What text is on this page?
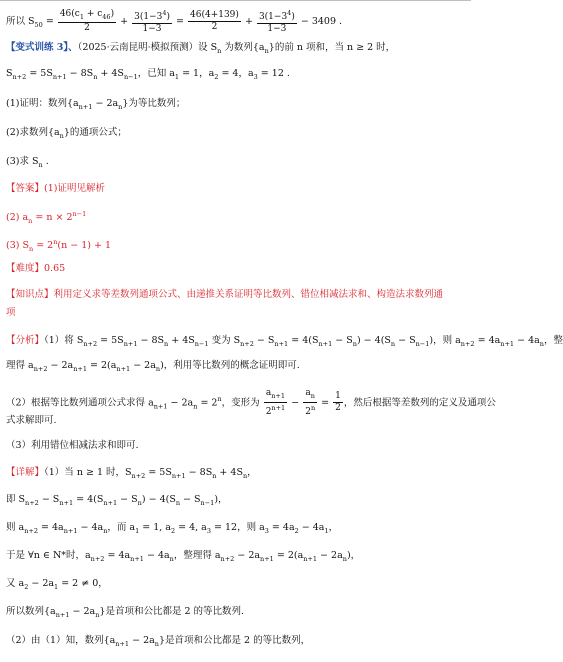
所以 $S_{50} = \frac{46(c_1 + c_{46})}{2} + \frac{3(1-3^4)}{1-3} = \frac{46(4+139)}{2} + \frac{3(1-3^4)}{1-3} - 3409$ .
【变式训练 3】、（2025·云南昆明·模拟预测）设 $S_n$ 为数列$\{a_n\}$的前 n 项和，当 n ≥ 2 时，
$S_{n+2} = 5S_{n+1} - 8S_n + 4S_{n-1}$，已知 $a_1 = 1$，$a_2 = 4$，$a_3 = 12$ .
(1)证明：数列$\{a_{n+1} - 2a_n\}$为等比数列；
(2)求数列$\{a_n\}$的通项公式；
(3)求 $S_n$ .
【答案】(1)证明见解析
(2) $a_n = n \times 2^{n-1}$
(3) $S_n = 2^n(n - 1) + 1$
【难度】0.65
【知识点】利用定义求等差数列通项公式、由递推关系证明等比数列、错位相减法求和、构造法求数列通
项
【分析】（1）将 $S_{n+2} = 5S_{n+1} - 8S_n + 4S_{n-1}$ 变为 $S_{n+2} - S_{n+1} = 4(S_{n+1} - S_n) - 4(S_n - S_{n-1})$，则 $a_{n+2} = 4a_{n+1} - 4a_n$，整
理得 $a_{n+2} - 2a_{n+1} = 2(a_{n+1} - 2a_n)$，利用等比数列的概念证明即可.
（2）根据等比数列通项公式求得 $a_{n+1} - 2a_n = 2^n$，变形为 $\frac{a_{n+1}}{2^{n+1}} - \frac{a_n}{2^n} = \frac{1}{2}$ ，然后根据等差数列的定义及通项公
式求解即可.
（3）利用错位相减法求和即可.
【详解】（1）当 n ≥ 1 时，$S_{n+2} = 5S_{n+1} - 8S_n + 4S_n$，
即 $S_{n+2} - S_{n+1} = 4(S_{n+1} - S_n) - 4(S_n - S_{n-1})$，
则 $a_{n+2} = 4a_{n+1} - 4a_n$，而 $a_1 = 1$, $a_2 = 4$, $a_3 = 12$，则 $a_3 = 4a_2 - 4a_1$，
于是 ∀n ∈ N*时，$a_{n+2} = 4a_{n+1} - 4a_n$，整理得 $a_{n+2} - 2a_{n+1} = 2(a_{n+1} - 2a_n)$，
又 $a_2 - 2a_1 = 2 \ne 0$，
所以数列$\{a_{n+1} - 2a_n\}$是首项和公比都是 2 的等比数列.
（2）由（1）知，数列$\{a_{n+1} - 2a_n\}$是首项和公比都是 2 的等比数列，
